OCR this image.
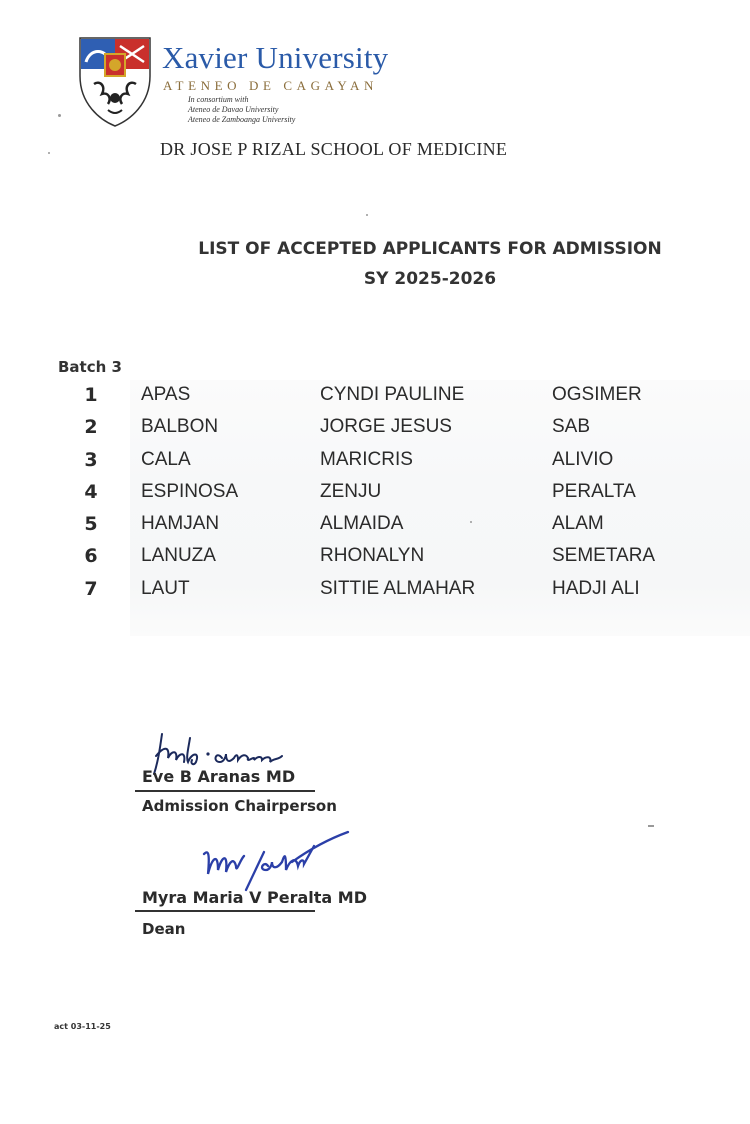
Xavier University
ATENEO DE CAGAYAN
In consortium with
Ateneo de Davao University
Ateneo de Zamboanga University
DR JOSE P RIZAL SCHOOL OF MEDICINE
LIST OF ACCEPTED APPLICANTS FOR ADMISSION
SY 2025-2026
Batch 3
1 APAS	CYNDI PAULINE	OGSIMER
2 BALBON	JORGE JESUS	SAB
3 CALA	MARICRIS	ALIVIO
4 ESPINOSA	ZENJU	PERALTA
5 HAMJAN	ALMAIDA	ALAM
6 LANUZA	RHONALYN	SEMETARA
7 LAUT	SITTIE ALMAHAR	HADJI ALI
Eve B Aranas MD
Admission Chairperson
Myra Maria V Peralta MD
Dean
act 03-11-25
